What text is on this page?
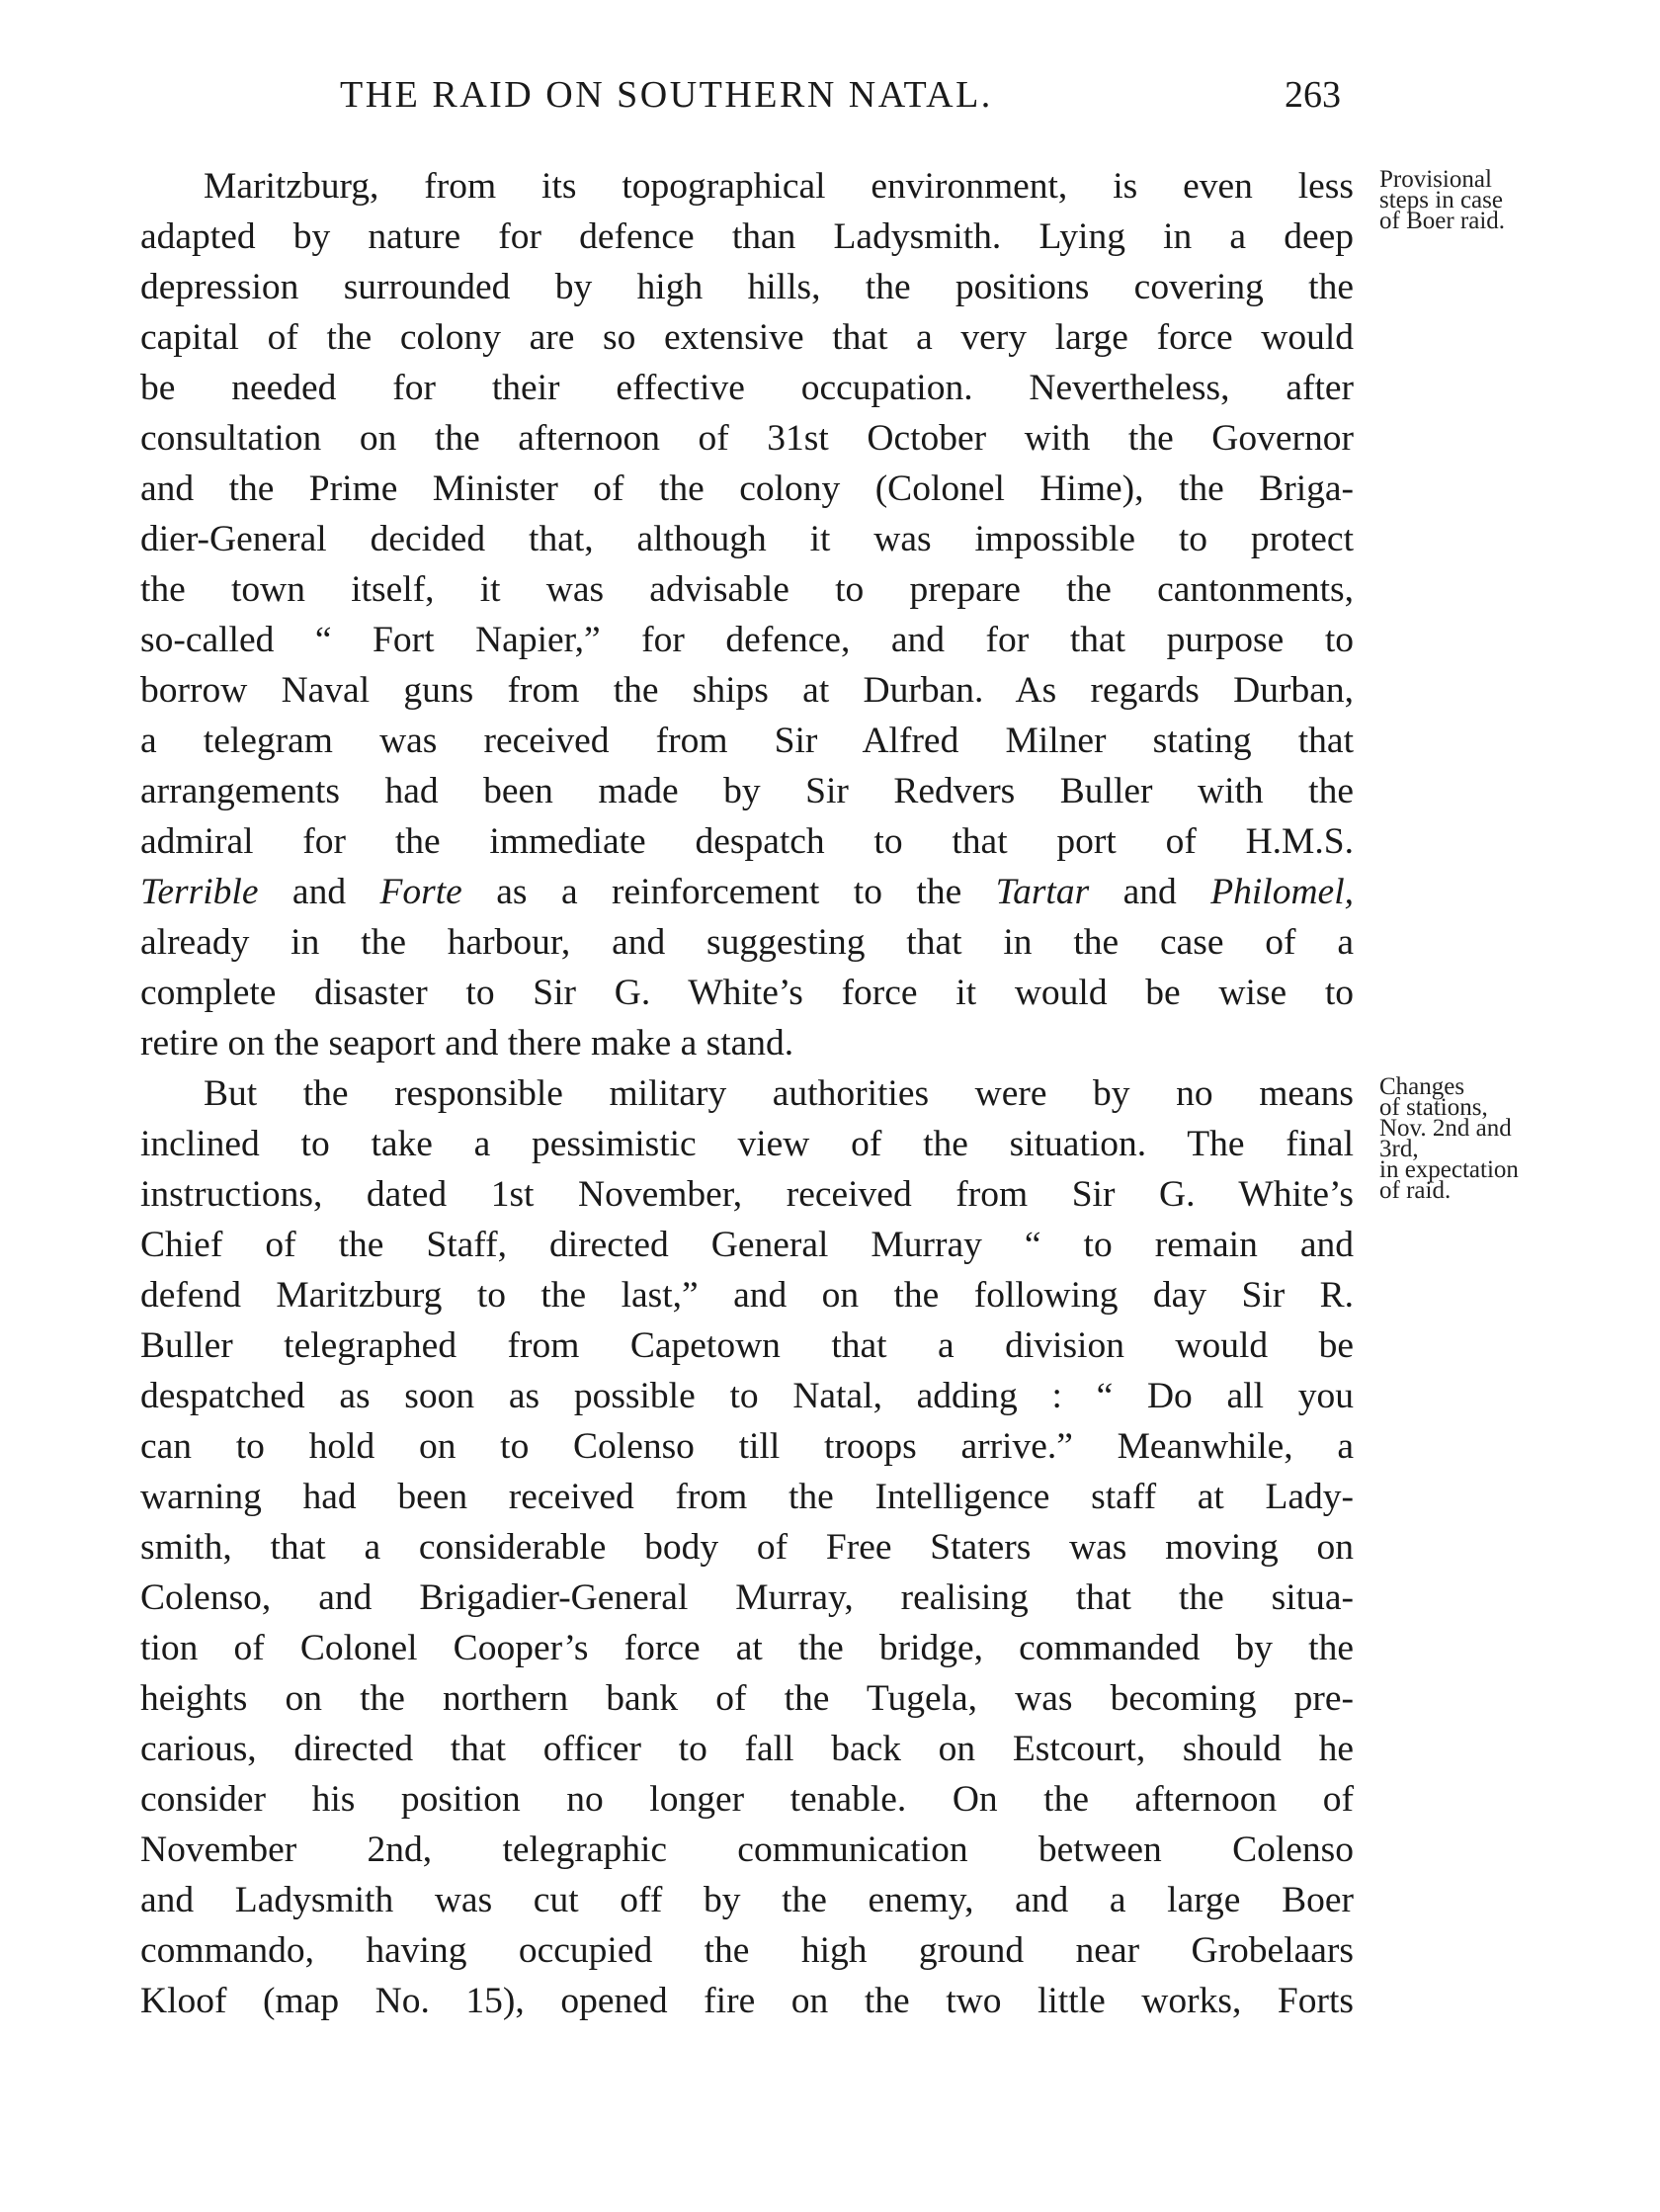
THE RAID ON SOUTHERN NATAL.	263
Maritzburg, from its topographical environment, is even less
adapted by nature for defence than Ladysmith. Lying in a deep
depression surrounded by high hills, the positions covering the
capital of the colony are so extensive that a very large force would
be needed for their effective occupation. Nevertheless, after
consultation on the afternoon of 31st October with the Governor
and the Prime Minister of the colony (Colonel Hime), the Briga-
dier-General decided that, although it was impossible to protect
the town itself, it was advisable to prepare the cantonments,
so-called “ Fort Napier,” for defence, and for that purpose to
borrow Naval guns from the ships at Durban. As regards Durban,
a telegram was received from Sir Alfred Milner stating that
arrangements had been made by Sir Redvers Buller with the
admiral for the immediate despatch to that port of H.M.S.
Terrible and Forte as a reinforcement to the Tartar and Philomel,
already in the harbour, and suggesting that in the case of a
complete disaster to Sir G. White’s force it would be wise to
retire on the seaport and there make a stand.
Provisional
steps in case
of Boer raid.
But the responsible military authorities were by no means
inclined to take a pessimistic view of the situation. The final
instructions, dated 1st November, received from Sir G. White’s
Chief of the Staff, directed General Murray “ to remain and
defend Maritzburg to the last,” and on the following day Sir R.
Buller telegraphed from Capetown that a division would be
despatched as soon as possible to Natal, adding : “ Do all you
can to hold on to Colenso till troops arrive.” Meanwhile, a
warning had been received from the Intelligence staff at Lady-
smith, that a considerable body of Free Staters was moving on
Colenso, and Brigadier-General Murray, realising that the situa-
tion of Colonel Cooper’s force at the bridge, commanded by the
heights on the northern bank of the Tugela, was becoming pre-
carious, directed that officer to fall back on Estcourt, should he
consider his position no longer tenable. On the afternoon of
November 2nd, telegraphic communication between Colenso
and Ladysmith was cut off by the enemy, and a large Boer
commando, having occupied the high ground near Grobelaars
Kloof (map No. 15), opened fire on the two little works, Forts
Changes
of stations,
Nov. 2nd and
3rd,
in expectation
of raid.
